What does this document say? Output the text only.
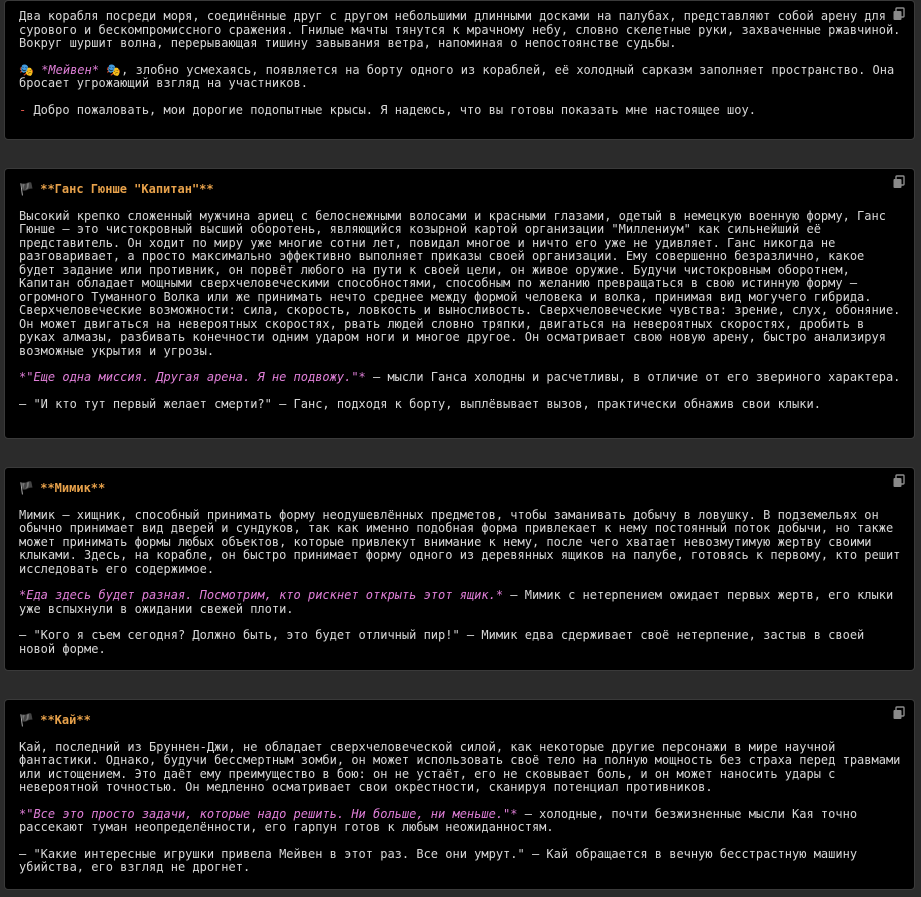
Два корабля посреди моря, соединённые друг с другом небольшими длинными досками на палубах, представляют собой арену для сурового и бескомпромиссного сражения. Гнилые мачты тянутся к мрачному небу, словно скелетные руки, захваченные ржавчиной. Вокруг шуршит волна, перерывающая тишину завывания ветра, напоминая о непостоянстве судьбы.

🎭 *Мейвен* 🎭, злобно усмехаясь, появляется на борту одного из кораблей, её холодный сарказм заполняет пространство. Она бросает угрожающий взгляд на участников.

- Добро пожаловать, мои дорогие подопытные крысы. Я надеюсь, что вы готовы показать мне настоящее шоу.

🏴 **Ганс Гюнше "Капитан"**

Высокий крепко сложенный мужчина ариец с белоснежными волосами и красными глазами, одетый в немецкую военную форму, Ганс Гюнше – это чистокровный высший оборотень, являющийся козырной картой организации "Миллениум" как сильнейший её представитель. Он ходит по миру уже многие сотни лет, повидал многое и ничто его уже не удивляет. Ганс никогда не разговаривает, а просто максимально эффективно выполняет приказы своей организации. Ему совершенно безразлично, какое будет задание или противник, он порвёт любого на пути к своей цели, он живое оружие. Будучи чистокровным оборотнем, Капитан обладает мощными сверхчеловеческими способностями, способным по желанию превращаться в свою истинную форму – огромного Туманного Волка или же принимать нечто среднее между формой человека и волка, принимая вид могучего гибрида. Сверхчеловеческие возможности: сила, скорость, ловкость и выносливость. Сверхчеловеческие чувства: зрение, слух, обоняние. Он может двигаться на невероятных скоростях, рвать людей словно тряпки, двигаться на невероятных скоростях, дробить в руках алмазы, разбивать конечности одним ударом ноги и многое другое. Он осматривает свою новую арену, быстро анализируя возможные укрытия и угрозы.

*"Еще одна миссия. Другая арена. Я не подвожу."* – мысли Ганса холодны и расчетливы, в отличие от его звериного характера.

— "И кто тут первый желает смерти?" – Ганс, подходя к борту, выплёвывает вызов, практически обнажив свои клыки.

🏴 **Мимик**

Мимик – хищник, способный принимать форму неодушевлённых предметов, чтобы заманивать добычу в ловушку. В подземельях он обычно принимает вид дверей и сундуков, так как именно подобная форма привлекает к нему постоянный поток добычи, но также может принимать формы любых объектов, которые привлекут внимание к нему, после чего хватает невозмутимую жертву своими клыками. Здесь, на корабле, он быстро принимает форму одного из деревянных ящиков на палубе, готовясь к первому, кто решит исследовать его содержимое.

*Еда здесь будет разная. Посмотрим, кто рискнет открыть этот ящик.* – Мимик с нетерпением ожидает первых жертв, его клыки уже вспыхнули в ожидании свежей плоти.

— "Кого я съем сегодня? Должно быть, это будет отличный пир!" – Мимик едва сдерживает своё нетерпение, застыв в своей новой форме.

🏴 **Кай**

Кай, последний из Бруннен-Джи, не обладает сверхчеловеческой силой, как некоторые другие персонажи в мире научной фантастики. Однако, будучи бессмертным зомби, он может использовать своё тело на полную мощность без страха перед травмами или истощением. Это даёт ему преимущество в бою: он не устаёт, его не сковывает боль, и он может наносить удары с невероятной точностью. Он медленно осматривает свои окрестности, сканируя потенциал противников.

*"Все это просто задачи, которые надо решить. Ни больше, ни меньше."* – холодные, почти безжизненные мысли Кая точно рассекают туман неопределённости, его гарпун готов к любым неожиданностям.

— "Какие интересные игрушки привела Мейвен в этот раз. Все они умрут." – Кай обращается в вечную бесстрастную машину убийства, его взгляд не дрогнет.
